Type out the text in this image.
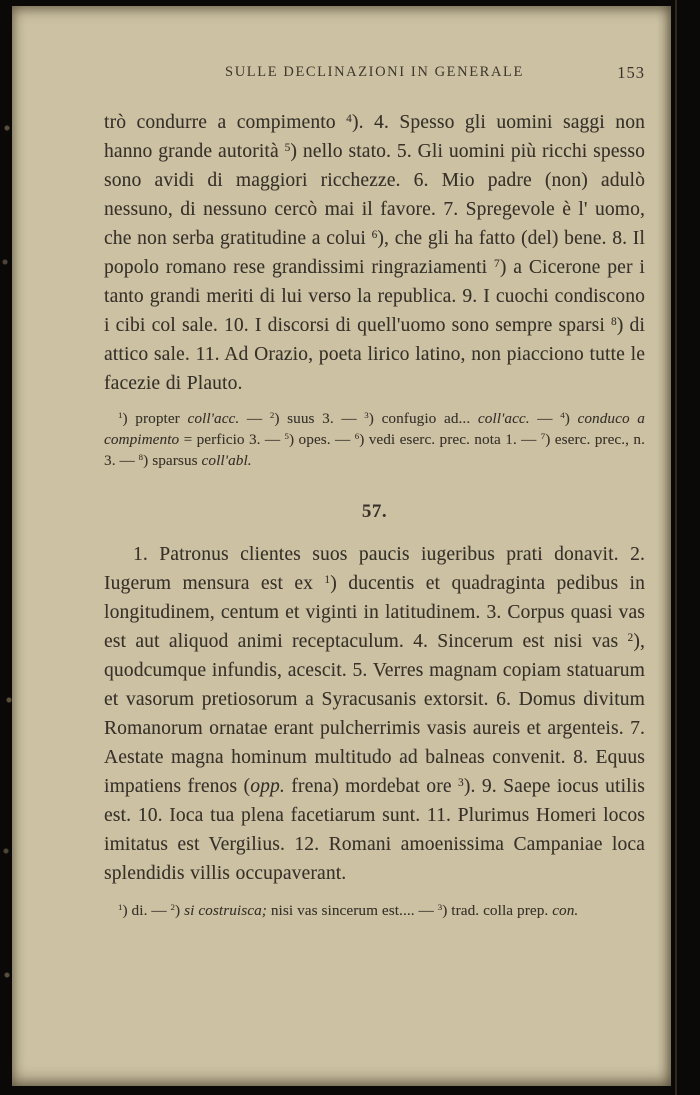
SULLE DECLINAZIONI IN GENERALE	153

trò condurre a compimento $^4$). 4. Spesso gli uomini saggi non hanno grande autorità $^5$) nello stato. 5. Gli uomini più ricchi spesso sono avidi di maggiori ricchezze. 6. Mio padre (non) adulò nessuno, di nessuno cercò mai il favore. 7. Spregevole è l' uomo, che non serba gratitudine a colui $^6$), che gli ha fatto (del) bene. 8. Il popolo romano rese grandissimi ringraziamenti $^7$) a Cicerone per i tanto grandi meriti di lui verso la republica. 9. I cuochi condiscono i cibi col sale. 10. I discorsi di quell'uomo sono sempre sparsi $^8$) di attico sale. 11. Ad Orazio, poeta lirico latino, non piacciono tutte le facezie di Plauto.

$^1$) propter coll'acc. — $^2$) suus 3. — $^3$) confugio ad... coll'acc. — $^4$) conduco a compimento = perficio 3. — $^5$) opes. — $^6$) vedi eserc. prec. nota 1. — $^7$) eserc. prec., n. 3. — $^8$) sparsus coll'abl.

57.

1. Patronus clientes suos paucis iugeribus prati donavit. 2. Iugerum mensura est ex $^1$) ducentis et quadraginta pedibus in longitudinem, centum et viginti in latitudinem. 3. Corpus quasi vas est aut aliquod animi receptaculum. 4. Sincerum est nisi vas $^2$), quodcumque infundis, acescit. 5. Verres magnam copiam statuarum et vasorum pretiosorum a Syracusanis extorsit. 6. Domus divitum Romanorum ornatae erant pulcherrimis vasis aureis et argenteis. 7. Aestate magna hominum multitudo ad balneas convenit. 8. Equus impatiens frenos (opp. frena) mordebat ore $^3$). 9. Saepe iocus utilis est. 10. Ioca tua plena facetiarum sunt. 11. Plurimus Homeri locos imitatus est Vergilius. 12. Romani amoenissima Campaniae loca splendidis villis occupaverant.

$^1$) di. — $^2$) si costruisca; nisi vas sincerum est.... — $^3$) trad. colla prep. con.
